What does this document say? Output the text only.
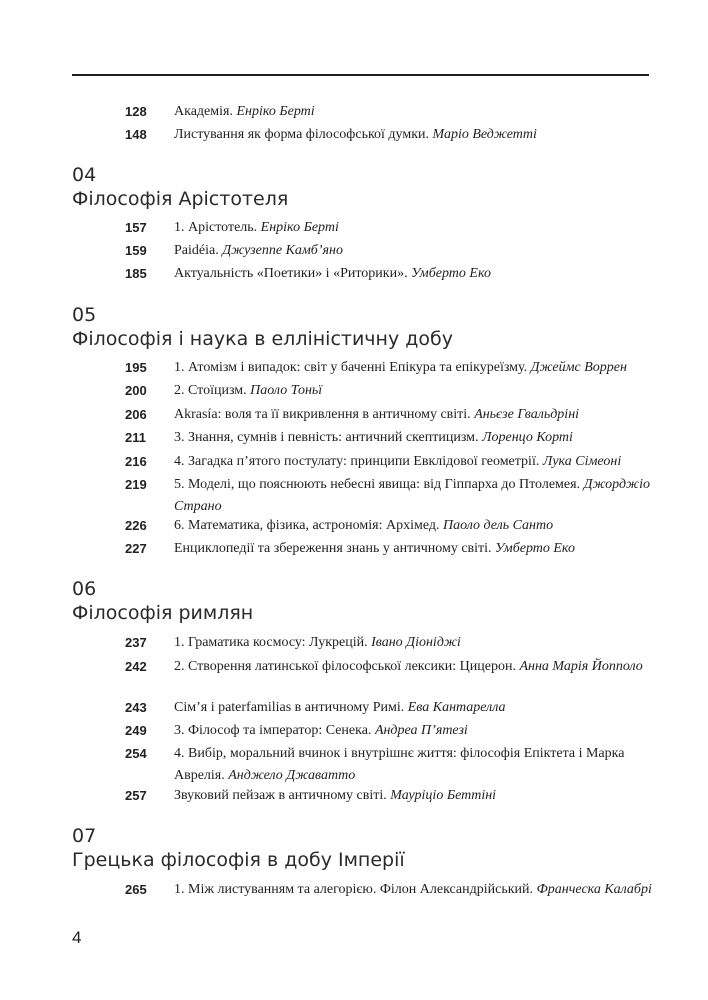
128 Академія. Енріко Берті
148 Листування як форма філософської думки. Маріо Веджетті
04
Філософія Арістотеля
157 1. Арістотель. Енріко Берті
159 Paidéia. Джузеппе Камб’яно
185 Актуальність «Поетики» і «Риторики». Умберто Еко
05
Філософія і наука в елліністичну добу
195 1. Атомізм і випадок: світ у баченні Епікура та епікуреїзму. Джеймс Воррен
200 2. Стоїцизм. Паоло Тоньї
206 Akrasía: воля та її викривлення в античному світі. Аньєзе Гвальдріні
211 3. Знання, сумнів і певність: античний скептицизм. Лоренцо Корті
216 4. Загадка п’ятого постулату: принципи Евклідової геометрії. Лука Сімеоні
219 5. Моделі, що пояснюють небесні явища: від Гіппарха до Птолемея. Джорджіо Страно
226 6. Математика, фізика, астрономія: Архімед. Паоло дель Санто
227 Енциклопедії та збереження знань у античному світі. Умберто Еко
06
Філософія римлян
237 1. Граматика космосу: Лукрецій. Івано Діоніджі
242 2. Створення латинської філософської лексики: Цицерон. Анна Марія Йопполо
243 Сім’я і paterfamilias в античному Римі. Ева Кантарелла
249 3. Філософ та імператор: Сенека. Андреа П’ятезі
254 4. Вибір, моральний вчинок і внутрішнє життя: філософія Епіктета і Марка Аврелія. Анджело Джаватто
257 Звуковий пейзаж в античному світі. Мауріціо Беттіні
07
Грецька філософія в добу Імперії
265 1. Між листуванням та алегорією. Філон Александрійський. Франческа Калабрі
4
